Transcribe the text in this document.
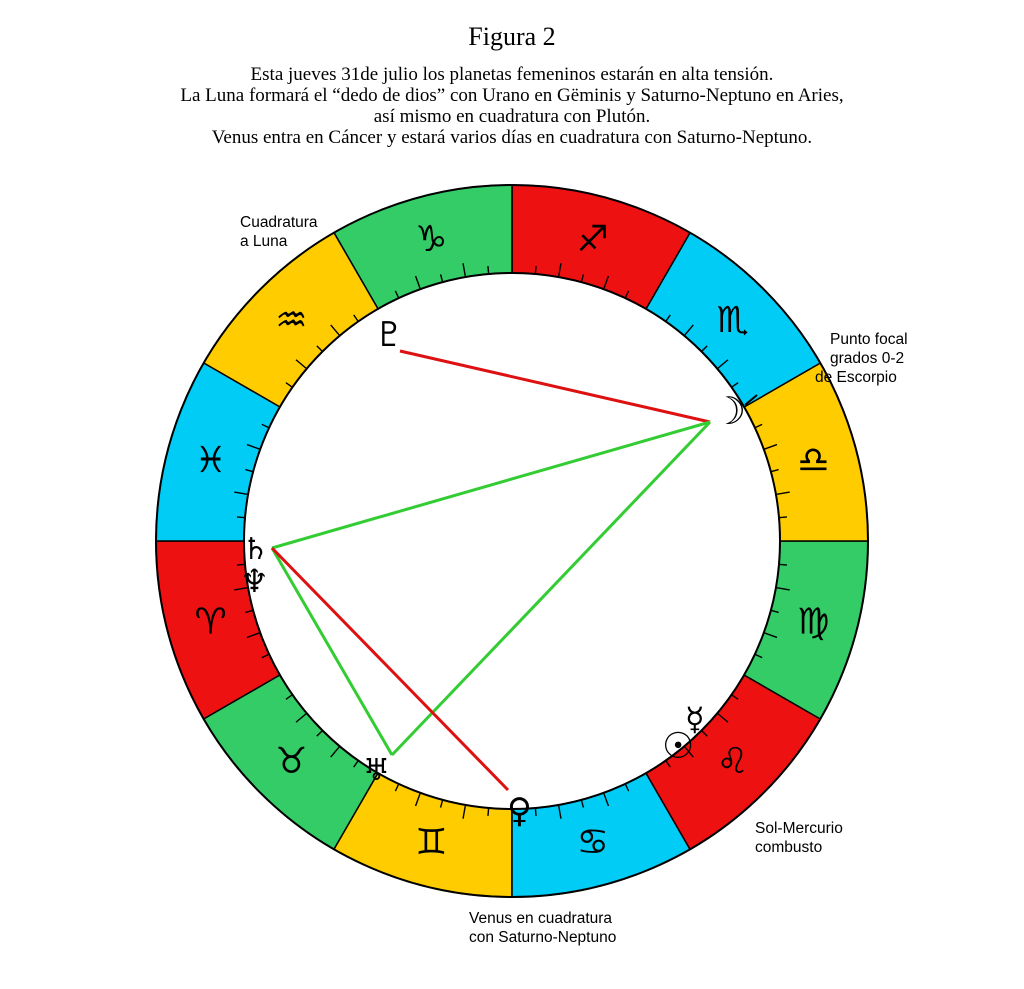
Figura 2
Esta jueves 31de julio los planetas femeninos estarán en alta tensión.
La Luna formará el “dedo de dios” con Urano en Gëminis y Saturno-Neptuno en Aries,
así mismo en cuadratura con Plutón.
Venus entra en Cáncer y estará varios días en cuadratura con Saturno-Neptuno.
♈
♉
♊	♋
♌
♍
♎
♏
♐
♑
♒
♓
♇
☽
♄
♆
♅
♀
☉
☿
Cuadratura
a Luna
Punto focal
grados 0-2
de Escorpio
Sol-Mercurio
combusto
Venus en cuadratura
con Saturno-Neptuno
